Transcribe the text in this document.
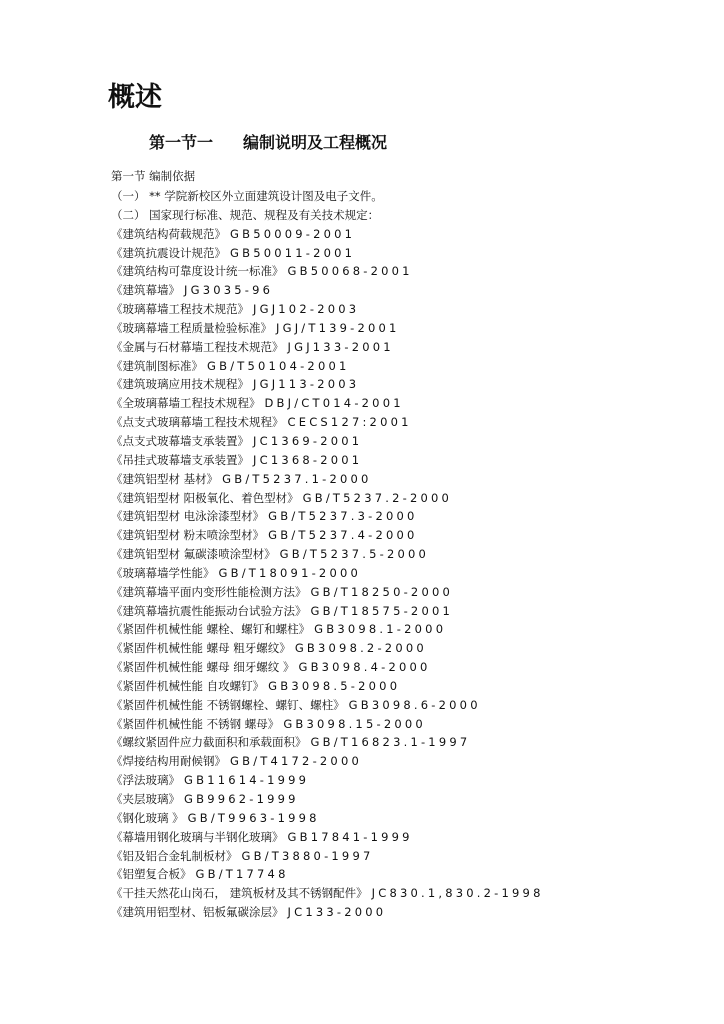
概述
第一节一 编制说明及工程概况
第一节 编制依据
（一） ** 学院新校区外立面建筑设计图及电子文件。
（二） 国家现行标准、规范、规程及有关技术规定：
《建筑结构荷载规范》 GB50009-2001
《建筑抗震设计规范》 GB50011-2001
《建筑结构可靠度设计统一标准》 GB50068-2001
《建筑幕墙》 JG3035-96
《玻璃幕墙工程技术规范》 JGJ102-2003
《玻璃幕墙工程质量检验标准》 JGJ/T139-2001
《金属与石材幕墙工程技术规范》 JGJ133-2001
《建筑制图标准》 GB/T50104-2001
《建筑玻璃应用技术规程》 JGJ113-2003
《全玻璃幕墙工程技术规程》 DBJ/CT014-2001
《点支式玻璃幕墙工程技术规程》 CECS127:2001
《点支式玻幕墙支承装置》 JC1369-2001
《吊挂式玻幕墙支承装置》 JC1368-2001
《建筑铝型材 基材》 GB/T5237.1-2000
《建筑铝型材 阳极氧化、着色型材》 GB/T5237.2-2000
《建筑铝型材 电泳涂漆型材》 GB/T5237.3-2000
《建筑铝型材 粉末喷涂型材》 GB/T5237.4-2000
《建筑铝型材 氟碳漆喷涂型材》 GB/T5237.5-2000
《玻璃幕墙学性能》 GB/T18091-2000
《建筑幕墙平面内变形性能检测方法》 GB/T18250-2000
《建筑幕墙抗震性能振动台试验方法》 GB/T18575-2001
《紧固件机械性能 螺栓、螺钉和螺柱》 GB3098.1-2000
《紧固件机械性能 螺母 粗牙螺纹》 GB3098.2-2000
《紧固件机械性能 螺母 细牙螺纹 》 GB3098.4-2000
《紧固件机械性能 自攻螺钉》 GB3098.5-2000
《紧固件机械性能 不锈钢螺栓、螺钉、螺柱》 GB3098.6-2000
《紧固件机械性能 不锈钢 螺母》 GB3098.15-2000
《螺纹紧固件应力截面积和承载面积》 GB/T16823.1-1997
《焊接结构用耐候钢》 GB/T4172-2000
《浮法玻璃》 GB11614-1999
《夹层玻璃》 GB9962-1999
《钢化玻璃 》 GB/T9963-1998
《幕墙用钢化玻璃与半钢化玻璃》 GB17841-1999
《铝及铝合金轧制板材》 GB/T3880-1997
《铝塑复合板》 GB/T17748
《干挂天然花山岗石， 建筑板材及其不锈钢配件》 JC830.1,830.2-1998
《建筑用铝型材、铝板氟碳涂层》 JC133-2000
